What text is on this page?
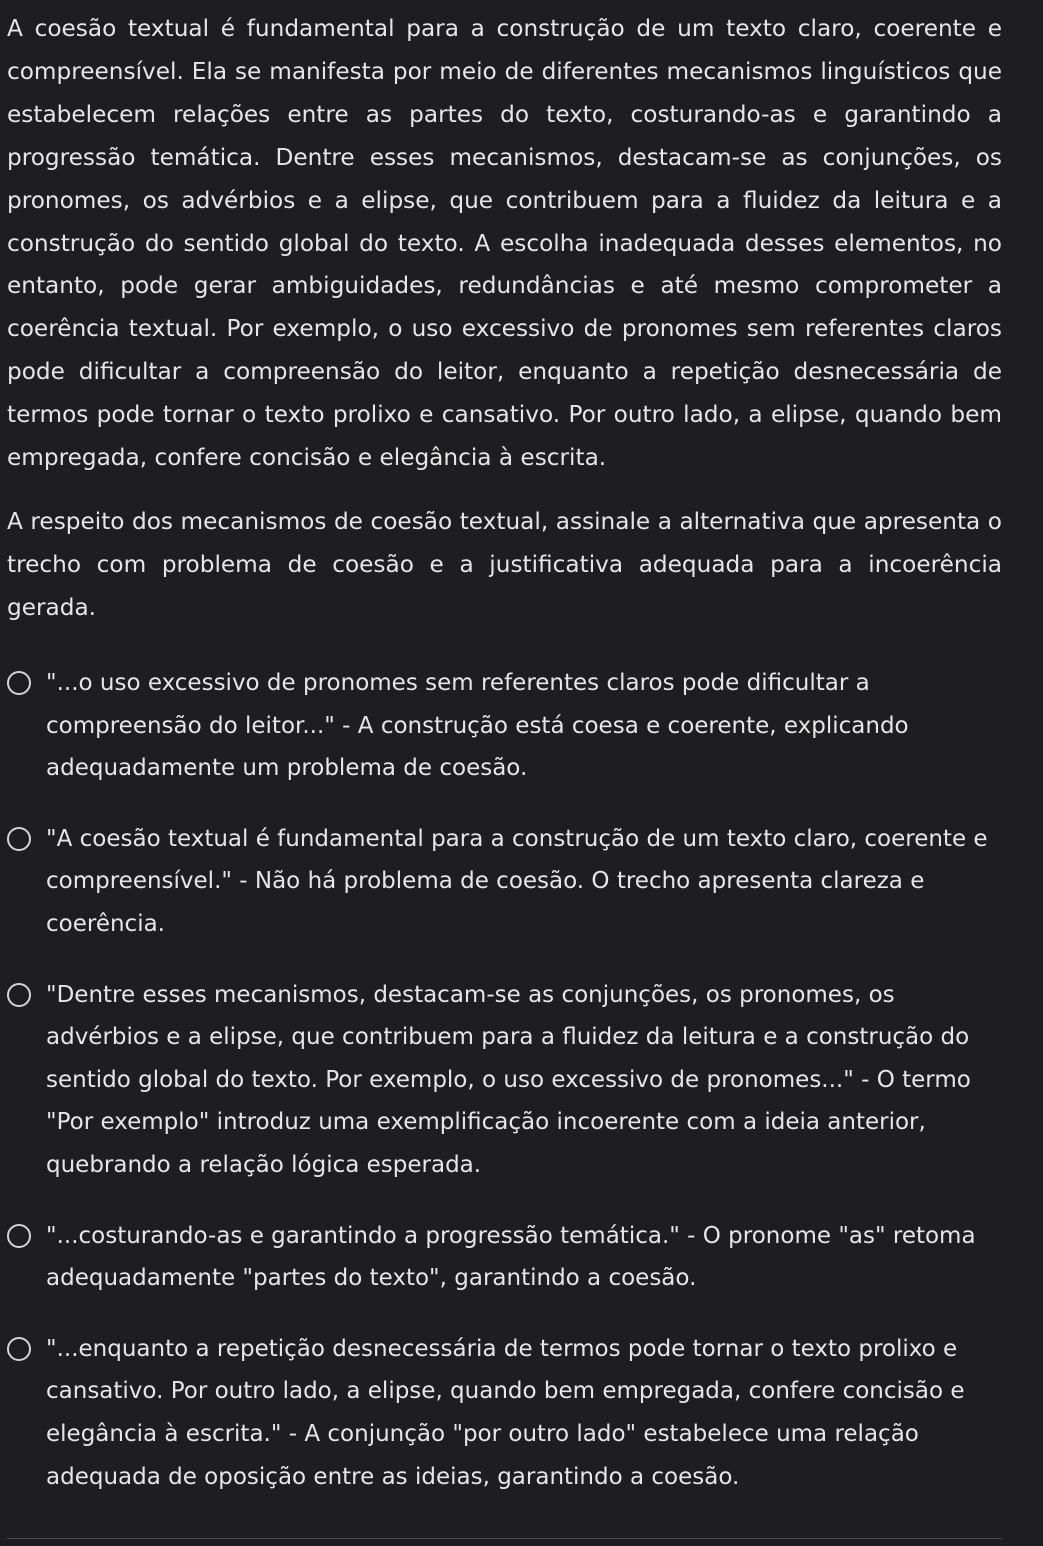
A coesão textual é fundamental para a construção de um texto claro, coerente e compreensível. Ela se manifesta por meio de diferentes mecanismos linguísticos que estabelecem relações entre as partes do texto, costurando-as e garantindo a progressão temática. Dentre esses mecanismos, destacam-se as conjunções, os pronomes, os advérbios e a elipse, que contribuem para a fluidez da leitura e a construção do sentido global do texto. A escolha inadequada desses elementos, no entanto, pode gerar ambiguidades, redundâncias e até mesmo comprometer a coerência textual. Por exemplo, o uso excessivo de pronomes sem referentes claros pode dificultar a compreensão do leitor, enquanto a repetição desnecessária de termos pode tornar o texto prolixo e cansativo. Por outro lado, a elipse, quando bem empregada, confere concisão e elegância à escrita.

A respeito dos mecanismos de coesão textual, assinale a alternativa que apresenta o trecho com problema de coesão e a justificativa adequada para a incoerência gerada.

"...o uso excessivo de pronomes sem referentes claros pode dificultar a compreensão do leitor..." - A construção está coesa e coerente, explicando adequadamente um problema de coesão.
"A coesão textual é fundamental para a construção de um texto claro, coerente e compreensível." - Não há problema de coesão. O trecho apresenta clareza e coerência.
"Dentre esses mecanismos, destacam-se as conjunções, os pronomes, os advérbios e a elipse, que contribuem para a fluidez da leitura e a construção do sentido global do texto. Por exemplo, o uso excessivo de pronomes..." - O termo "Por exemplo" introduz uma exemplificação incoerente com a ideia anterior, quebrando a relação lógica esperada.
"...costurando-as e garantindo a progressão temática." - O pronome "as" retoma adequadamente "partes do texto", garantindo a coesão.
"...enquanto a repetição desnecessária de termos pode tornar o texto prolixo e cansativo. Por outro lado, a elipse, quando bem empregada, confere concisão e elegância à escrita." - A conjunção "por outro lado" estabelece uma relação adequada de oposição entre as ideias, garantindo a coesão.
